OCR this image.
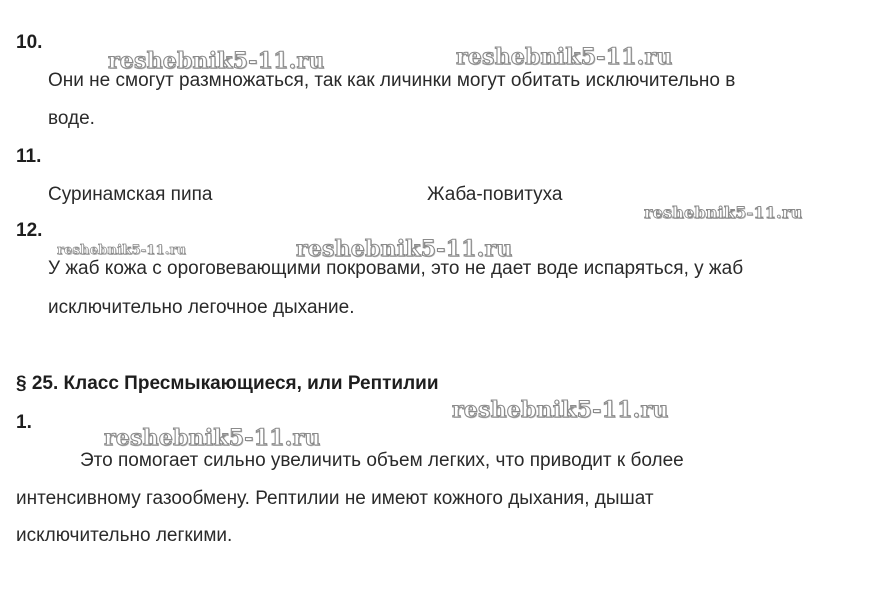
10.
Они не смогут размножаться, так как личинки могут обитать исключительно в
воде.
11.
Суринамская пипа	Жаба-повитуха
12.
У жаб кожа с ороговевающими покровами, это не дает воде испаряться, у жаб
исключительно легочное дыхание.
§ 25. Класс Пресмыкающиеся, или Рептилии
1.
Это помогает сильно увеличить объем легких, что приводит к более
интенсивному газообмену. Рептилии не имеют кожного дыхания, дышат
исключительно легкими.
reshebnik5-11.ru	reshebnik5-11.ru
reshebnik5-11.ru
reshebnik5-11.ru	reshebnik5-11.ru
reshebnik5-11.ru
reshebnik5-11.ru
